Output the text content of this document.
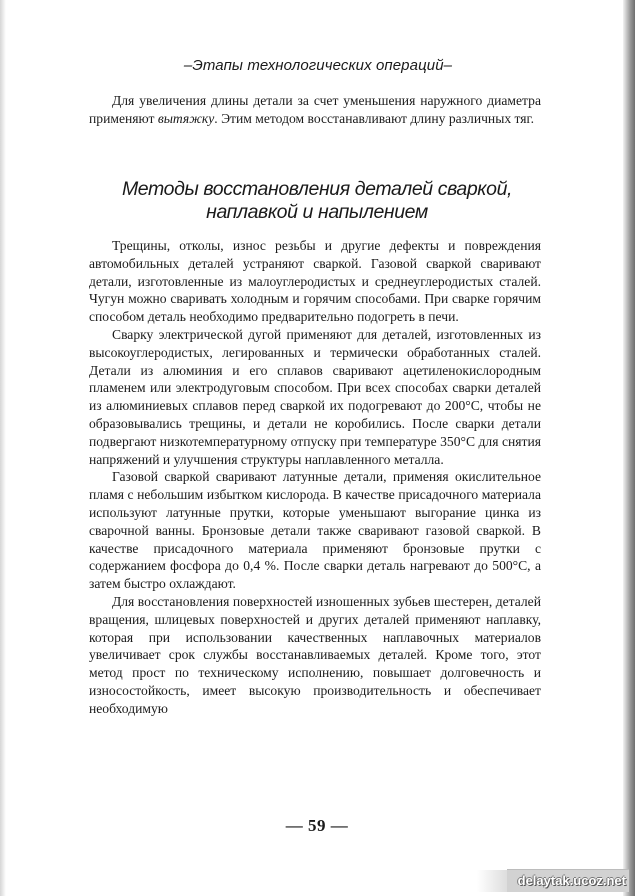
–Этапы технологических операций–

Для увеличения длины детали за счет уменьшения наружного диаметра применяют вытяжку. Этим методом восстанавливают длину различных тяг.

Методы восстановления деталей сваркой,
наплавкой и напылением

Трещины, отколы, износ резьбы и другие дефекты и повреждения автомобильных деталей устраняют сваркой. Газовой сваркой сваривают детали, изготовленные из малоуглеродистых и среднеуглеродистых сталей. Чугун можно сваривать холодным и горячим способами. При сварке горячим способом деталь необходимо предварительно подогреть в печи.

Сварку электрической дугой применяют для деталей, изготовленных из высокоуглеродистых, легированных и термически обработанных сталей. Детали из алюминия и его сплавов сваривают ацетиленокислородным пламенем или электродуговым способом. При всех способах сварки деталей из алюминиевых сплавов перед сваркой их подогревают до 200°С, чтобы не образовывались трещины, и детали не коробились. После сварки детали подвергают низкотемпературному отпуску при температуре 350°С для снятия напряжений и улучшения структуры наплавленного металла.

Газовой сваркой сваривают латунные детали, применяя окислительное пламя с небольшим избытком кислорода. В качестве присадочного материала используют латунные прутки, которые уменьшают выгорание цинка из сварочной ванны. Бронзовые детали также сваривают газовой сваркой. В качестве присадочного материала применяют бронзовые прутки с содержанием фосфора до 0,4 %. После сварки деталь нагревают до 500°С, а затем быстро охлаждают.

Для восстановления поверхностей изношенных зубьев шестерен, деталей вращения, шлицевых поверхностей и других деталей применяют наплавку, которая при использовании качественных наплавочных материалов увеличивает срок службы восстанавливаемых деталей. Кроме того, этот метод прост по техническому исполнению, повышает долговечность и износостойкость, имеет высокую производительность и обеспечивает необходимую

— 59 —
delaytak.ucoz.net
